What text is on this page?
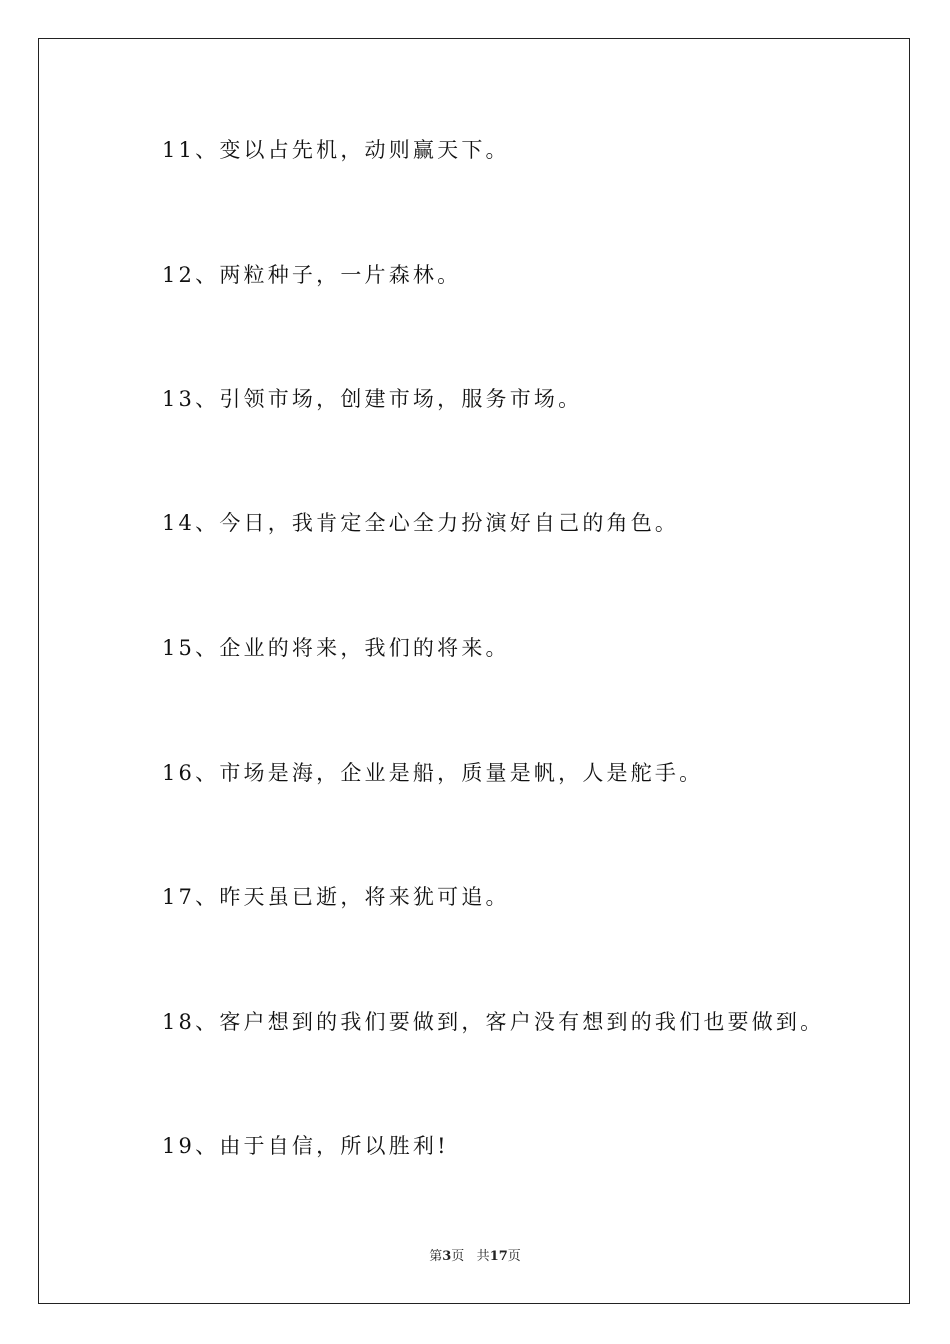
11、变以占先机，动则赢天下。
12、两粒种子，一片森林。
13、引领市场，创建市场，服务市场。
14、今日，我肯定全心全力扮演好自己的角色。
15、企业的将来，我们的将来。
16、市场是海，企业是船，质量是帆，人是舵手。
17、昨天虽已逝，将来犹可追。
18、客户想到的我们要做到，客户没有想到的我们也要做到。
19、由于自信，所以胜利!
第3页 共17页
